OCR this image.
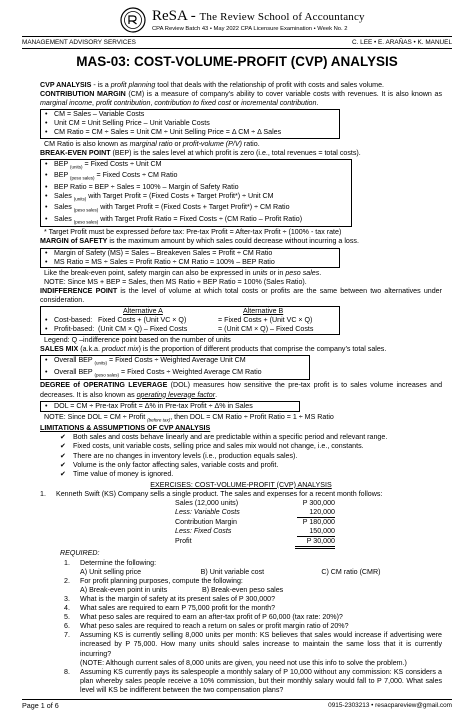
ReSA - The Review School of Accountancy
CPA Review Batch 43 • May 2022 CPA Licensure Examination • Week No. 2
MANAGEMENT ADVISORY SERVICES	C. LEE • E. ARAÑAS • K. MANUEL
MAS-03: COST-VOLUME-PROFIT (CVP) ANALYSIS
CVP ANALYSIS - is a profit planning tool that deals with the relationship of profit with costs and sales volume.
CONTRIBUTION MARGIN (CM) is a measure of company’s ability to cover variable costs with revenues. It is also known as marginal income, profit contribution, contribution to fixed cost or incremental contribution.
• CM = Sales – Variable Costs
• Unit CM = Unit Selling Price – Unit Variable Costs
• CM Ratio = CM ÷ Sales = Unit CM ÷ Unit Selling Price = Δ CM ÷ Δ Sales
CM Ratio is also known as marginal ratio or profit-volume (P/V) ratio.
BREAK-EVEN POINT (BEP) is the sales level at which profit is zero (i.e., total revenues = total costs).
• BEP $_{(units)}$ = Fixed Costs ÷ Unit CM
• BEP $_{(peso sales)}$ = Fixed Costs ÷ CM Ratio
• BEP Ratio = BEP ÷ Sales = 100% – Margin of Safety Ratio
• Sales $_{(units)}$ with Target Profit = (Fixed Costs + Target Profit*) ÷ Unit CM
• Sales $_{(peso sales)}$ with Target Profit = (Fixed Costs + Target Profit*) ÷ CM Ratio
• Sales $_{(peso sales)}$ with Target Profit Ratio = Fixed Costs ÷ (CM Ratio – Profit Ratio)
* Target Profit must be expressed before tax: Pre-tax Profit = After-tax Profit ÷ (100% - tax rate)
MARGIN of SAFETY is the maximum amount by which sales could decrease without incurring a loss.
• Margin of Safety (MS) = Sales – Breakeven Sales = Profit ÷ CM Ratio
• MS Ratio = MS ÷ Sales = Profit Ratio ÷ CM Ratio = 100% – BEP Ratio
Like the break-even point, safety margin can also be expressed in units or in peso sales.
NOTE: Since MS + BEP = Sales, then MS Ratio + BEP Ratio = 100% (Sales Ratio).
INDIFFERENCE POINT is the level of volume at which total costs or profits are the same between two alternatives under consideration.
Alternative A	Alternative B
• Cost-based: Fixed Costs + (Unit VC × Q)	= Fixed Costs + (Unit VC × Q)
• Profit-based: (Unit CM × Q) – Fixed Costs	= (Unit CM × Q) – Fixed Costs
Legend: Q –indifference point based on the number of units
SALES MIX (a.k.a. product mix) is the proportion of different products that comprise the company’s total sales.
• Overall BEP $_{(units)}$ = Fixed Costs ÷ Weighted Average Unit CM
• Overall BEP $_{(peso sales)}$ = Fixed Costs ÷ Weighted Average CM Ratio
DEGREE of OPERATING LEVERAGE (DOL) measures how sensitive the pre-tax profit is to sales volume increases and decreases. It is also known as operating leverage factor.
• DOL = CM ÷ Pre-tax Profit = Δ% in Pre-tax Profit ÷ Δ% in Sales
NOTE: Since DOL = CM ÷ Profit $_{(before tax)}$, then DOL = CM Ratio ÷ Profit Ratio = 1 ÷ MS Ratio
LIMITATIONS & ASSUMPTIONS OF CVP ANALYSIS
✔ Both sales and costs behave linearly and are predictable within a specific period and relevant range.
✔ Fixed costs, unit variable costs, selling price and sales mix would not change, i.e., constants.
✔ There are no changes in inventory levels (i.e., production equals sales).
✔ Volume is the only factor affecting sales, variable costs and profit.
✔ Time value of money is ignored.
EXERCISES: COST-VOLUME-PROFIT (CVP) ANALYSIS
1.	Kenneth Swift (KS) Company sells a single product. The sales and expenses for a recent month follows:
Sales (12,000 units)	P 300,000
Less: Variable Costs	120,000
Contribution Margin	P 180,000
Less: Fixed Costs	150,000
Profit	P 30,000
REQUIRED:
1.	Determine the following:
A) Unit selling price	B) Unit variable cost	C) CM ratio (CMR)
2.	For profit planning purposes, compute the following:
A) Break-even point in units	B) Break-even peso sales
3.	What is the margin of safety at its present sales of P 300,000?
4.	What sales are required to earn P 75,000 profit for the month?
5.	What peso sales are required to earn an after-tax profit of P 60,000 (tax rate: 20%)?
6.	What peso sales are required to reach a return on sales or profit margin ratio of 20%?
7.	Assuming KS is currently selling 8,000 units per month: KS believes that sales would increase if advertising were increased by P 75,000. How many units should sales increase to maintain the same loss that it is currently incurring?
(NOTE: Although current sales of 8,000 units are given, you need not use this info to solve the problem.)
8.	Assuming KS currently pays its salespeople a monthly salary of P 10,000 without any commission: KS considers a plan whereby sales people receive a 10% commission, but their monthly salary would fall to P 7,000. What sales level will KS be indifferent between the two compensation plans?
Page 1 of 6	0915-2303213 • resacpareview@gmail.com
